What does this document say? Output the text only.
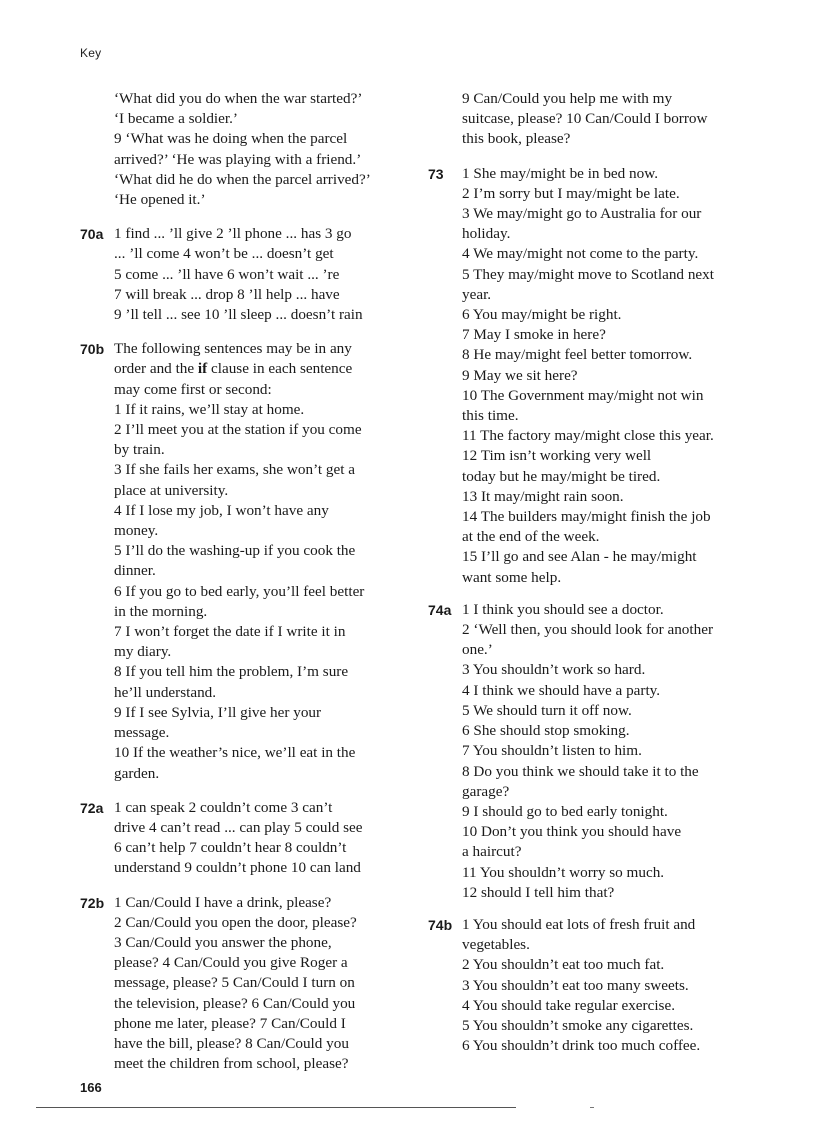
Key
‘What did you do when the war started?’
‘I became a soldier.’
9 ‘What was he doing when the parcel
arrived?’ ‘He was playing with a friend.’
‘What did he do when the parcel arrived?’
‘He opened it.’
70a 1 find ... ’ll give 2 ’ll phone ... has 3 go
... ’ll come 4 won’t be ... doesn’t get
5 come ... ’ll have 6 won’t wait ... ’re
7 will break ... drop 8 ’ll help ... have
9 ’ll tell ... see 10 ’ll sleep ... doesn’t rain
70b The following sentences may be in any
order and the if clause in each sentence
may come first or second:
1 If it rains, we’ll stay at home.
2 I’ll meet you at the station if you come
by train.
3 If she fails her exams, she won’t get a
place at university.
4 If I lose my job, I won’t have any
money.
5 I’ll do the washing-up if you cook the
dinner.
6 If you go to bed early, you’ll feel better
in the morning.
7 I won’t forget the date if I write it in
my diary.
8 If you tell him the problem, I’m sure
he’ll understand.
9 If I see Sylvia, I’ll give her your
message.
10 If the weather’s nice, we’ll eat in the
garden.
72a 1 can speak 2 couldn’t come 3 can’t
drive 4 can’t read ... can play 5 could see
6 can’t help 7 couldn’t hear 8 couldn’t
understand 9 couldn’t phone 10 can land
72b 1 Can/Could I have a drink, please?
2 Can/Could you open the door, please?
3 Can/Could you answer the phone,
please? 4 Can/Could you give Roger a
message, please? 5 Can/Could I turn on
the television, please? 6 Can/Could you
phone me later, please? 7 Can/Could I
have the bill, please? 8 Can/Could you
meet the children from school, please?
9 Can/Could you help me with my
suitcase, please? 10 Can/Could I borrow
this book, please?
73 1 She may/might be in bed now.
2 I’m sorry but I may/might be late.
3 We may/might go to Australia for our
holiday.
4 We may/might not come to the party.
5 They may/might move to Scotland next
year.
6 You may/might be right.
7 May I smoke in here?
8 He may/might feel better tomorrow.
9 May we sit here?
10 The Government may/might not win
this time.
11 The factory may/might close this year.
12 Tim isn’t working very well
today but he may/might be tired.
13 It may/might rain soon.
14 The builders may/might finish the job
at the end of the week.
15 I’ll go and see Alan - he may/might
want some help.
74a 1 I think you should see a doctor.
2 ‘Well then, you should look for another
one.’
3 You shouldn’t work so hard.
4 I think we should have a party.
5 We should turn it off now.
6 She should stop smoking.
7 You shouldn’t listen to him.
8 Do you think we should take it to the
garage?
9 I should go to bed early tonight.
10 Don’t you think you should have
a haircut?
11 You shouldn’t worry so much.
12 should I tell him that?
74b 1 You should eat lots of fresh fruit and
vegetables.
2 You shouldn’t eat too much fat.
3 You shouldn’t eat too many sweets.
4 You should take regular exercise.
5 You shouldn’t smoke any cigarettes.
6 You shouldn’t drink too much coffee.
166
